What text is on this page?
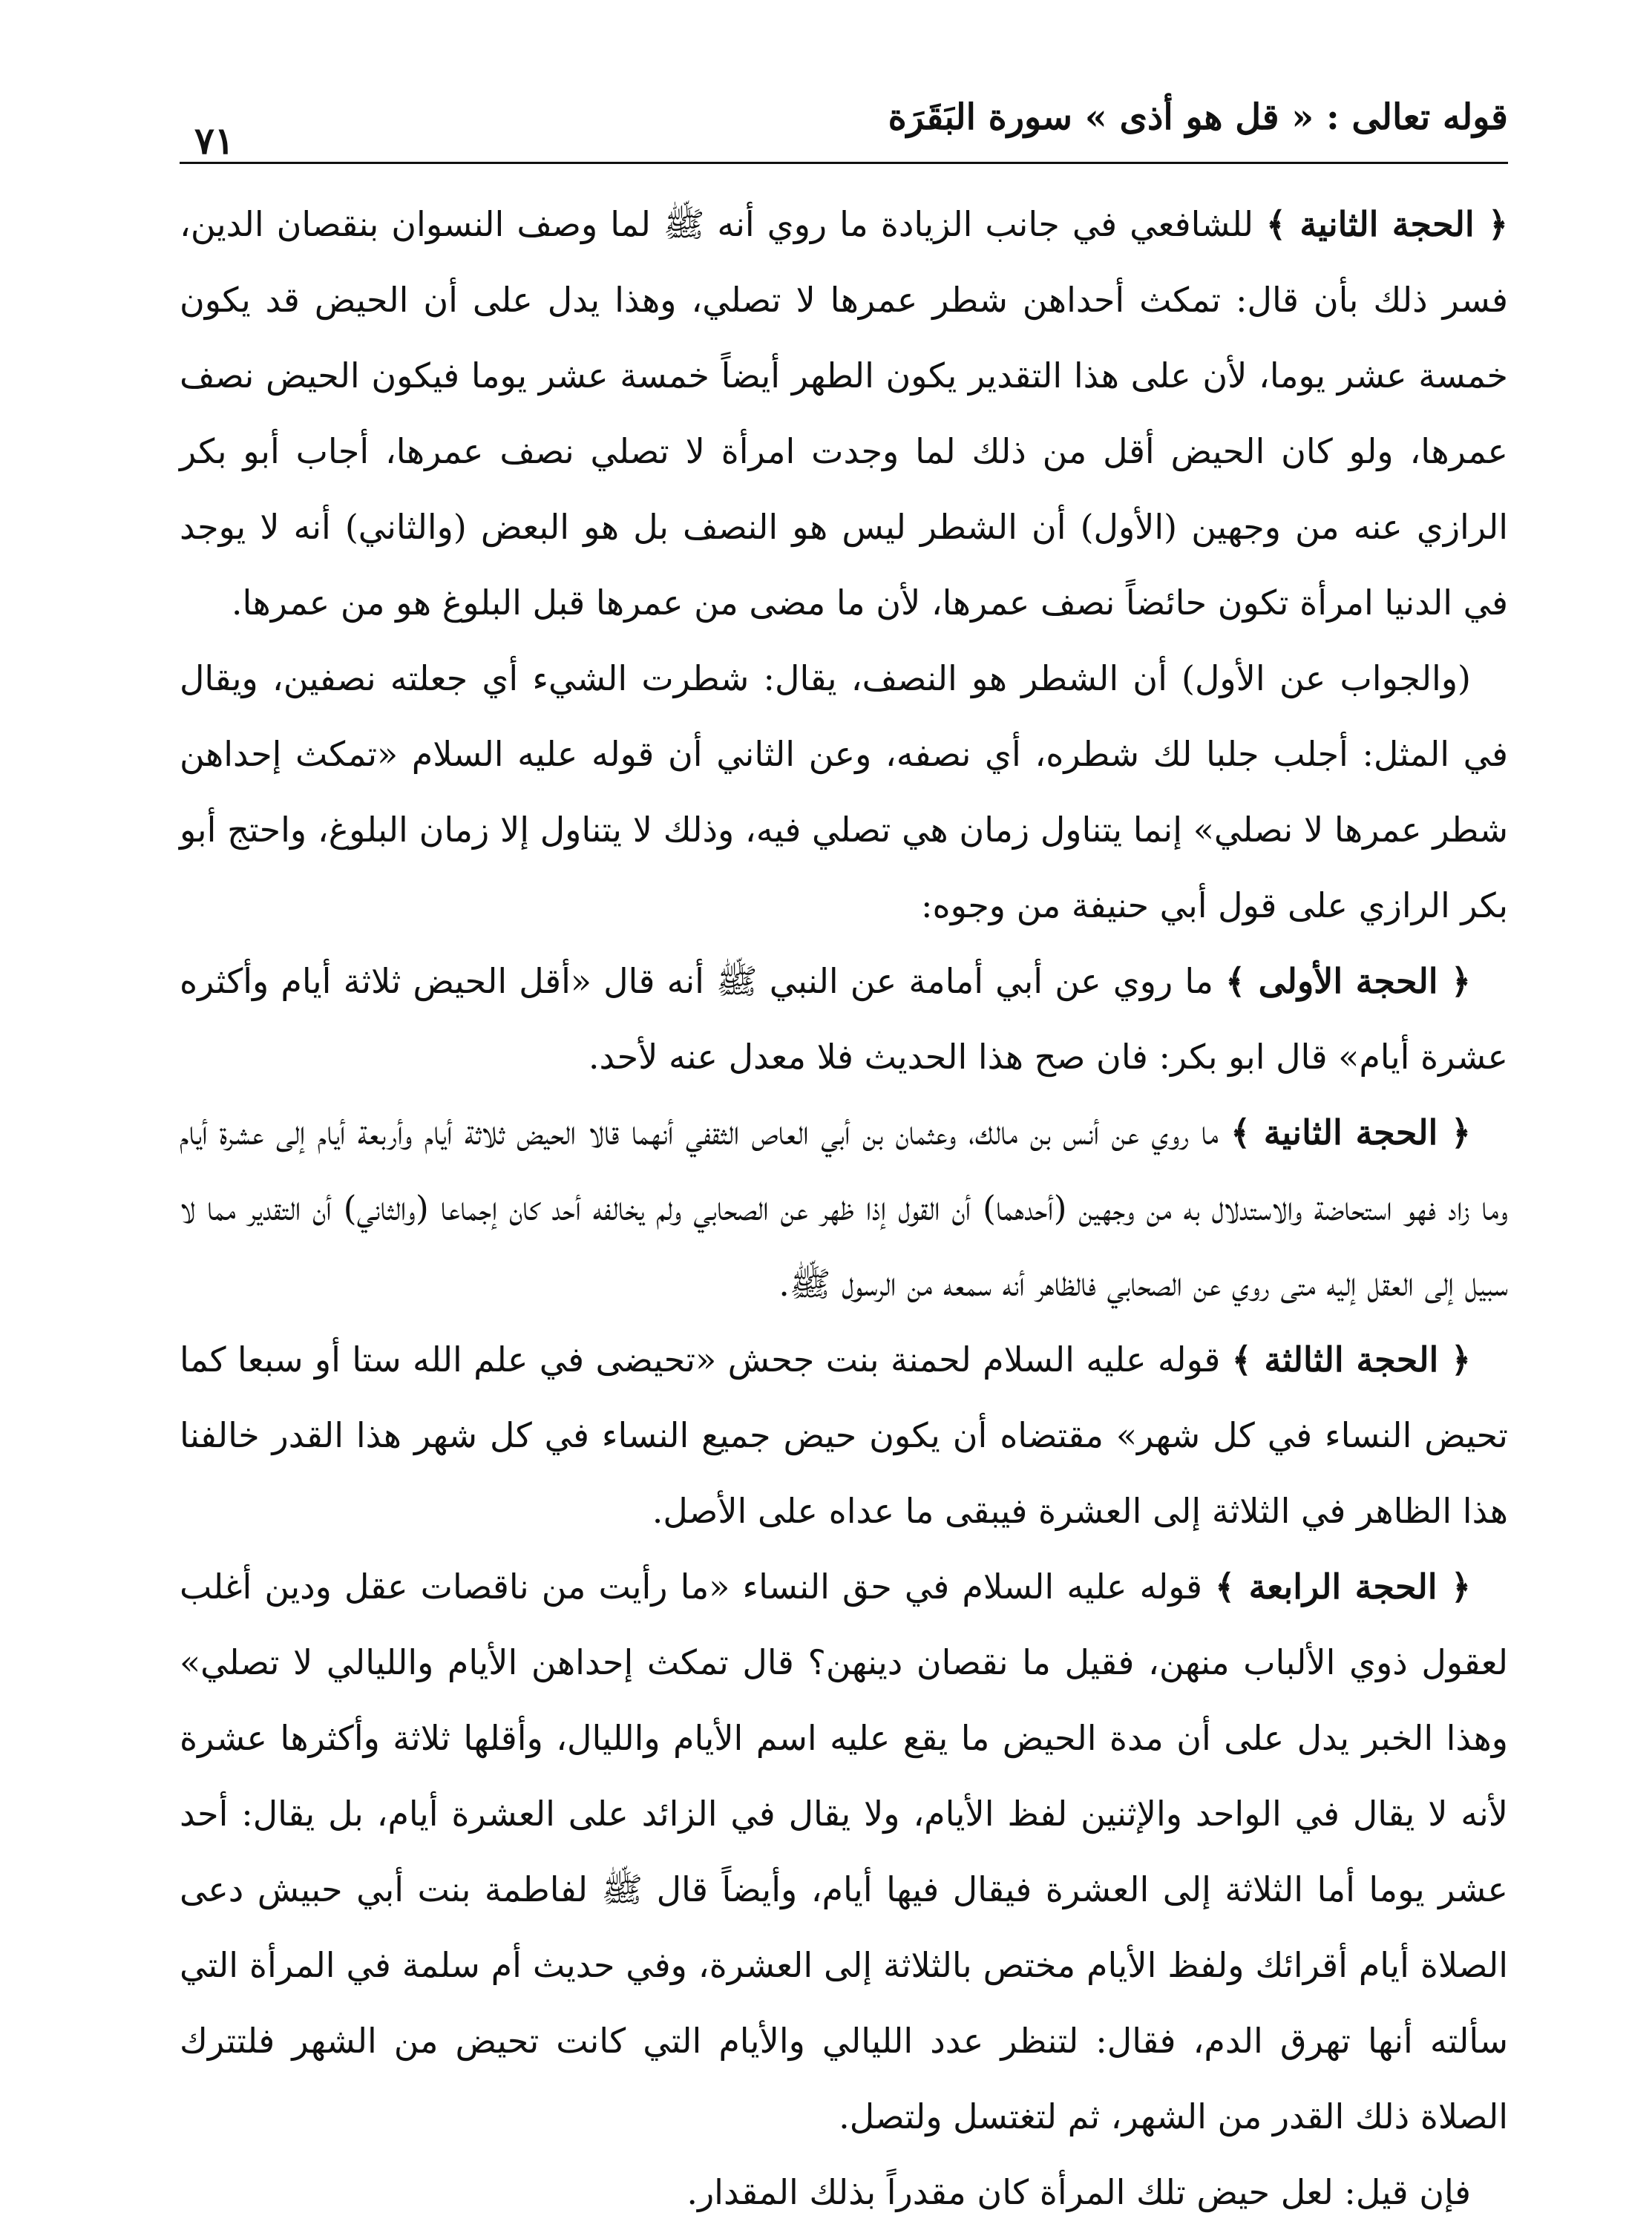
قوله تعالى : « قل هو أذى » سورة البَقَرَة
٧١

﴿ الحجة الثانية ﴾ للشافعي في جانب الزيادة ما روي أنه ﷺ لما وصف النسوان بنقصان الدين، فسر ذلك بأن قال: تمكث أحداهن شطر عمرها لا تصلي، وهذا يدل على أن الحيض قد يكون خمسة عشر يوما، لأن على هذا التقدير يكون الطهر أيضاً خمسة عشر يوما فيكون الحيض نصف عمرها، ولو كان الحيض أقل من ذلك لما وجدت امرأة لا تصلي نصف عمرها، أجاب أبو بكر الرازي عنه من وجهين (الأول) أن الشطر ليس هو النصف بل هو البعض (والثاني) أنه لا يوجد في الدنيا امرأة تكون حائضاً نصف عمرها، لأن ما مضى من عمرها قبل البلوغ هو من عمرها.

(والجواب عن الأول) أن الشطر هو النصف، يقال: شطرت الشيء أي جعلته نصفين، ويقال في المثل: أجلب جلبا لك شطره، أي نصفه، وعن الثاني أن قوله عليه السلام «تمكث إحداهن شطر عمرها لا نصلي» إنما يتناول زمان هي تصلي فيه، وذلك لا يتناول إلا زمان البلوغ، واحتج أبو بكر الرازي على قول أبي حنيفة من وجوه:

﴿ الحجة الأولى ﴾ ما روي عن أبي أمامة عن النبي ﷺ أنه قال «أقل الحيض ثلاثة أيام وأكثره عشرة أيام» قال ابو بكر: فان صح هذا الحديث فلا معدل عنه لأحد.

﴿ الحجة الثانية ﴾ ما روي عن أنس بن مالك، وعثمان بن أبي العاص الثقفي أنهما قالا الحيض ثلاثة أيام وأربعة أيام إلى عشرة أيام وما زاد فهو استحاضة والاستدلال به من وجهين (أحدهما) أن القول إذا ظهر عن الصحابي ولم يخالفه أحد كان إجماعا (والثاني) أن التقدير مما لا سبيل إلى العقل إليه متى روي عن الصحابي فالظاهر أنه سمعه من الرسول ﷺ.

﴿ الحجة الثالثة ﴾ قوله عليه السلام لحمنة بنت جحش «تحيضى في علم الله ستا أو سبعا كما تحيض النساء في كل شهر» مقتضاه أن يكون حيض جميع النساء في كل شهر هذا القدر خالفنا هذا الظاهر في الثلاثة إلى العشرة فيبقى ما عداه على الأصل.

﴿ الحجة الرابعة ﴾ قوله عليه السلام في حق النساء «ما رأيت من ناقصات عقل ودين أغلب لعقول ذوي الألباب منهن، فقيل ما نقصان دينهن؟ قال تمكث إحداهن الأيام والليالي لا تصلي» وهذا الخبر يدل على أن مدة الحيض ما يقع عليه اسم الأيام والليال، وأقلها ثلاثة وأكثرها عشرة لأنه لا يقال في الواحد والإثنين لفظ الأيام، ولا يقال في الزائد على العشرة أيام، بل يقال: أحد عشر يوما أما الثلاثة إلى العشرة فيقال فيها أيام، وأيضاً قال ﷺ لفاطمة بنت أبي حبيش دعى الصلاة أيام أقرائك ولفظ الأيام مختص بالثلاثة إلى العشرة، وفي حديث أم سلمة في المرأة التي سألته أنها تهرق الدم، فقال: لتنظر عدد الليالي والأيام التي كانت تحيض من الشهر فلتترك الصلاة ذلك القدر من الشهر، ثم لتغتسل ولتصل.

فإن قيل: لعل حيض تلك المرأة كان مقدراً بذلك المقدار.
